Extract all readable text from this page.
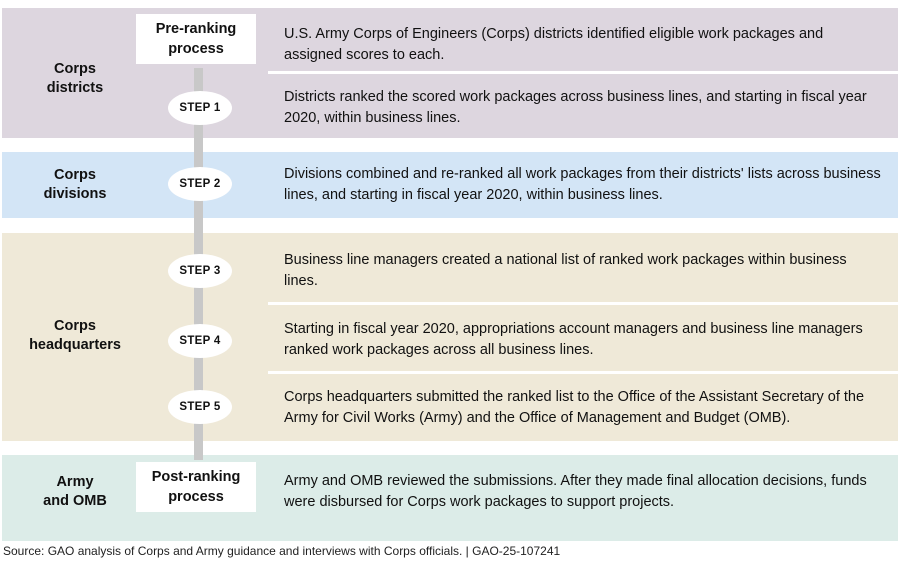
Corps
districts
Corps
divisions
Corps
headquarters
Army
and OMB
Pre-ranking
process
Post-ranking
process
STEP 1
STEP 2
STEP 3
STEP 4
STEP 5
U.S. Army Corps of Engineers (Corps) districts identified eligible work packages and assigned scores to each.
Districts ranked the scored work packages across business lines, and starting in fiscal year 2020, within business lines.
Divisions combined and re-ranked all work packages from their districts' lists across business lines, and starting in fiscal year 2020, within business lines.
Business line managers created a national list of ranked work packages within business lines.
Starting in fiscal year 2020, appropriations account managers and business line managers ranked work packages across all business lines.
Corps headquarters submitted the ranked list to the Office of the Assistant Secretary of the Army for Civil Works (Army) and the Office of Management and Budget (OMB).
Army and OMB reviewed the submissions. After they made final allocation decisions, funds were disbursed for Corps work packages to support projects.
Source: GAO analysis of Corps and Army guidance and interviews with Corps officials. | GAO-25-107241
